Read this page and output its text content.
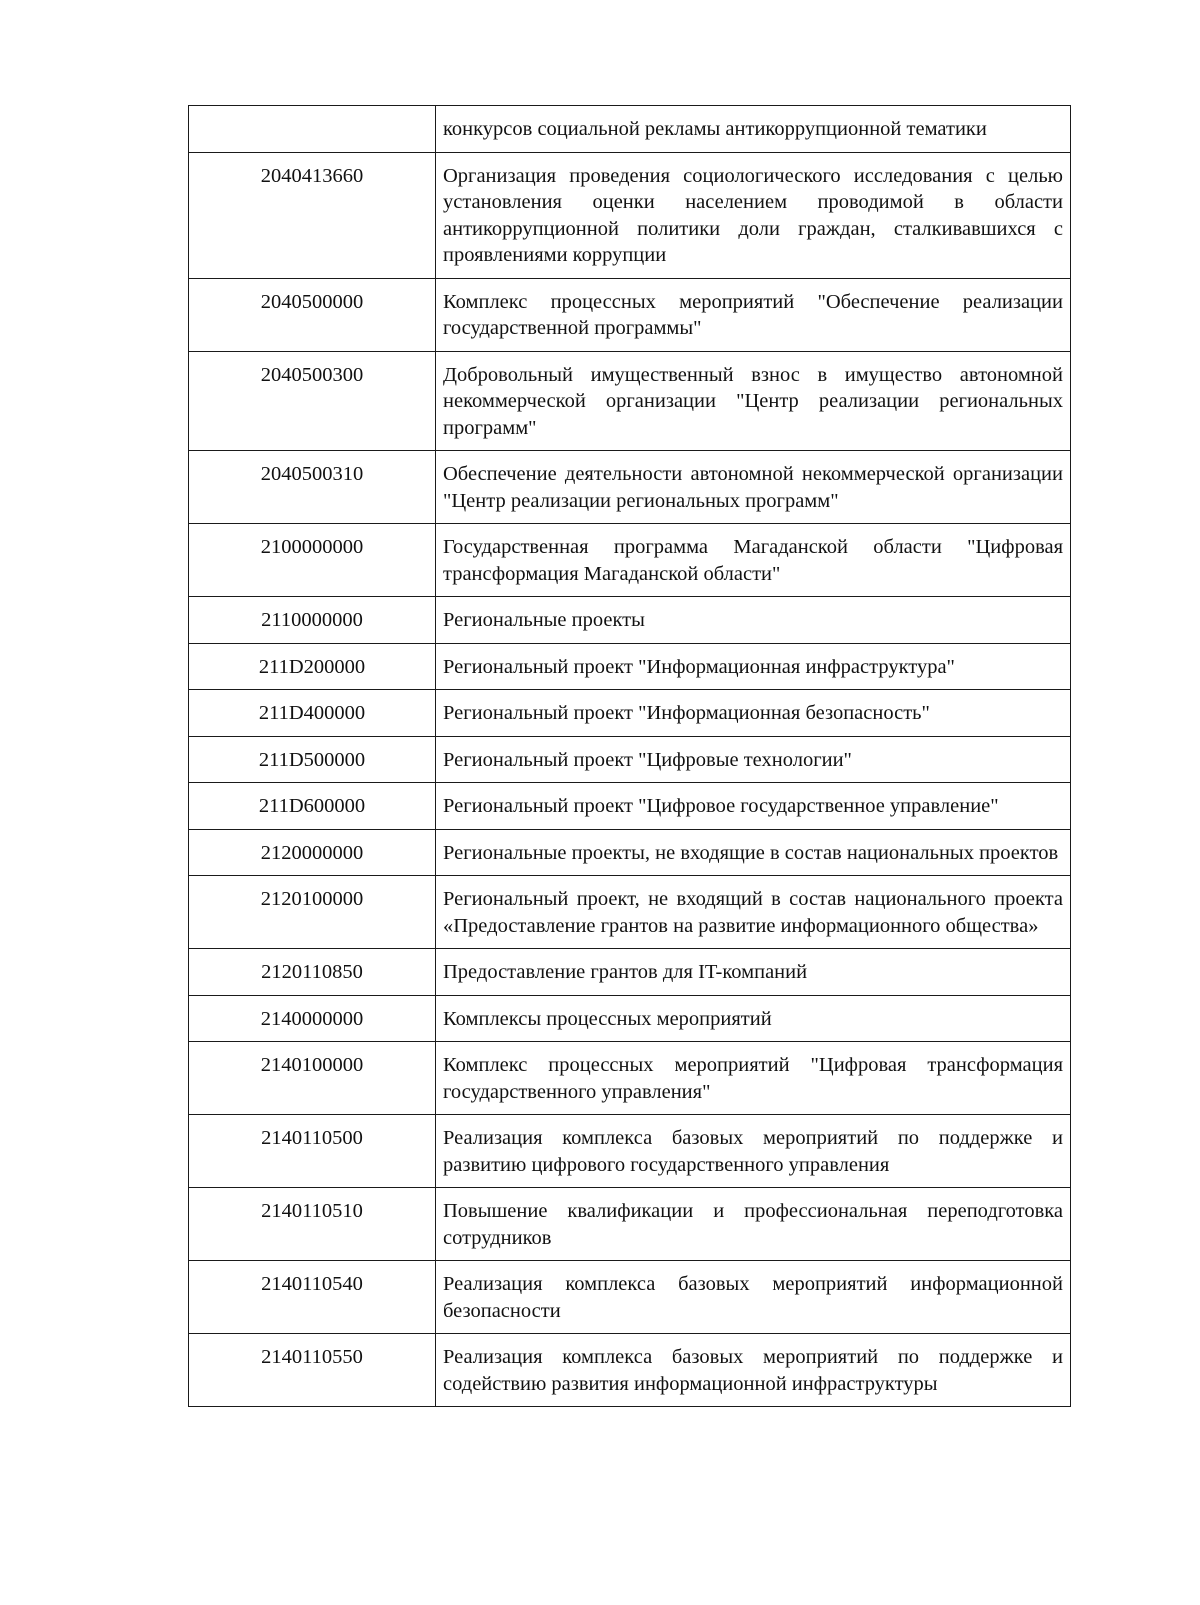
	конкурсов социальной рекламы антикоррупционной тематики
2040413660	Организация проведения социологического исследования с целью установления оценки населением проводимой в области антикоррупционной политики доли граждан, сталкивавшихся с проявлениями коррупции
2040500000	Комплекс процессных мероприятий "Обеспечение реализации государственной программы"
2040500300	Добровольный имущественный взнос в имущество автономной некоммерческой организации "Центр реализации региональных программ"
2040500310	Обеспечение деятельности автономной некоммерческой организации "Центр реализации региональных программ"
2100000000	Государственная программа Магаданской области "Цифровая трансформация Магаданской области"
2110000000	Региональные проекты
211D200000	Региональный проект "Информационная инфраструктура"
211D400000	Региональный проект "Информационная безопасность"
211D500000	Региональный проект "Цифровые технологии"
211D600000	Региональный проект "Цифровое государственное управление"
2120000000	Региональные проекты, не входящие в состав национальных проектов
2120100000	Региональный проект, не входящий в состав национального проекта «Предоставление грантов на развитие информационного общества»
2120110850	Предоставление грантов для IT-компаний
2140000000	Комплексы процессных мероприятий
2140100000	Комплекс процессных мероприятий "Цифровая трансформация государственного управления"
2140110500	Реализация комплекса базовых мероприятий по поддержке и развитию цифрового государственного управления
2140110510	Повышение квалификации и профессиональная переподготовка сотрудников
2140110540	Реализация комплекса базовых мероприятий информационной безопасности
2140110550	Реализация комплекса базовых мероприятий по поддержке и содействию развития информационной инфраструктуры
